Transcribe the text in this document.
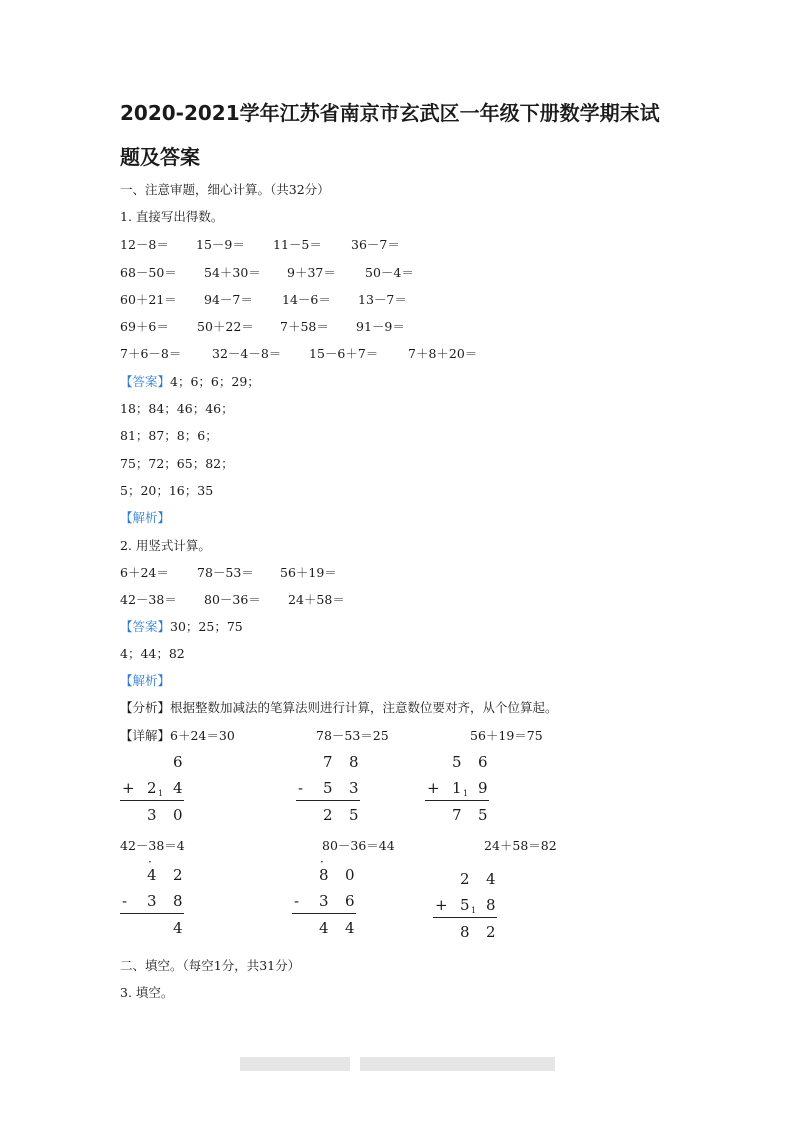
2020-2021学年江苏省南京市玄武区一年级下册数学期末试
题及答案
一、注意审题，细心计算。（共32分）
1. 直接写出得数。
12－8＝ 15－9＝ 11－5＝ 36－7＝
68－50＝ 54＋30＝ 9＋37＝ 50－4＝
60＋21＝ 94－7＝ 14－6＝ 13－7＝
69＋6＝ 50＋22＝ 7＋58＝ 91－9＝
7＋6－8＝ 32－4－8＝ 15－6＋7＝ 7＋8＋20＝
【答案】4；6；6；29；
18；84；46；46；
81；87；8；6；
75；72；65；82；
5；20；16；35
【解析】
2. 用竖式计算。
6＋24＝ 78－53＝ 56＋19＝
42－38＝ 80－36＝ 24＋58＝
【答案】30；25；75
4；44；82
【解析】
【分析】根据整数加减法的笔算法则进行计算，注意数位要对齐，从个位算起。
【详解】6＋24＝30	78－53＝25	56＋19＝75
42－38＝4	80－36＝44	24＋58＝82
6
+ 2 4
1
3 0
7 8
- 5 3
2 5
5 6
+ 1 9
1
7 5
4 2
·
- 3 8
4
8 0
·
- 3 6
4 4
2 4
+ 5 8
1
8 2
二、填空。（每空1分，共31分）
3. 填空。
